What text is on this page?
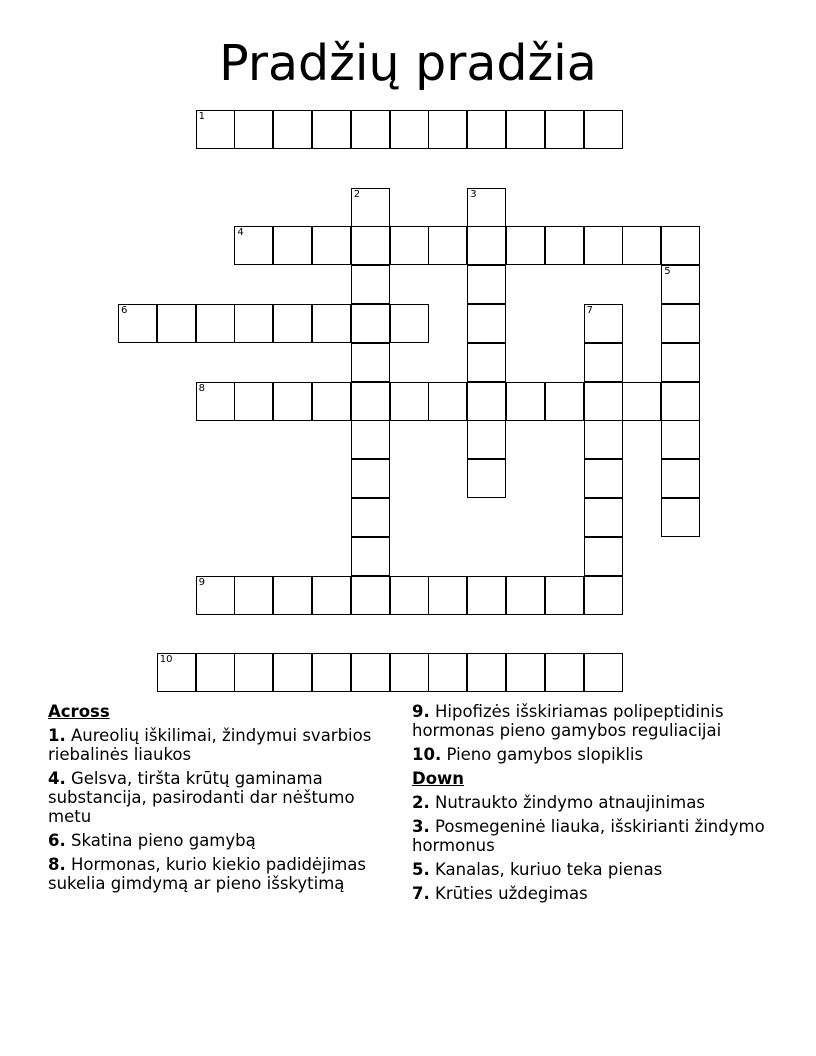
Pradžių pradžia
1
2	3
4
5
6	7
8
9
10
Across
1. Aureolių iškilimai, žindymui svarbios riebalinės liaukos
4. Gelsva, tiršta krūtų gaminama substancija, pasirodanti dar nėštumo metu
6. Skatina pieno gamybą
8. Hormonas, kurio kiekio padidėjimas sukelia gimdymą ar pieno išskytimą
9. Hipofizės išskiriamas polipeptidinis hormonas pieno gamybos reguliacijai
10. Pieno gamybos slopiklis
Down
2. Nutraukto žindymo atnaujinimas
3. Posmegeninė liauka, išskirianti žindymo hormonus
5. Kanalas, kuriuo teka pienas
7. Krūties uždegimas
